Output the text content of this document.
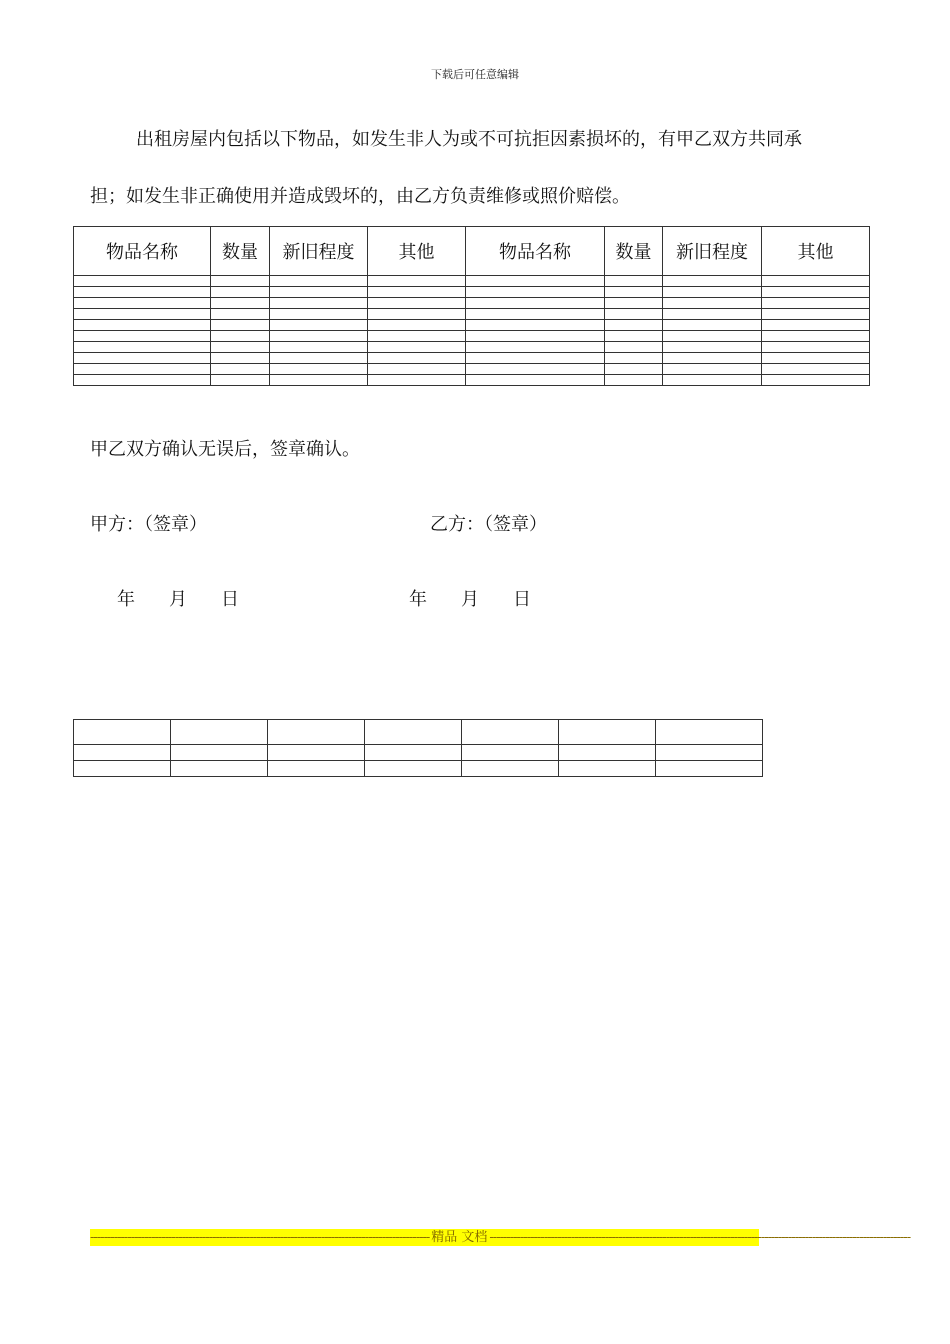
下载后可任意编辑

出租房屋内包括以下物品，如发生非人为或不可抗拒因素损坏的，有甲乙双方共同承
担；如发生非正确使用并造成毁坏的，由乙方负责维修或照价赔偿。

物品名称	数量	新旧程度	其他	物品名称	数量	新旧程度	其他

甲乙双方确认无误后，签章确认。
甲方：（签章）	乙方：（签章）
年 月 日	年 月 日

---------------------------------------------------------------------------------------------------- 精品 文档 ----------------------------------------------------------------------------------------------------------------------------
